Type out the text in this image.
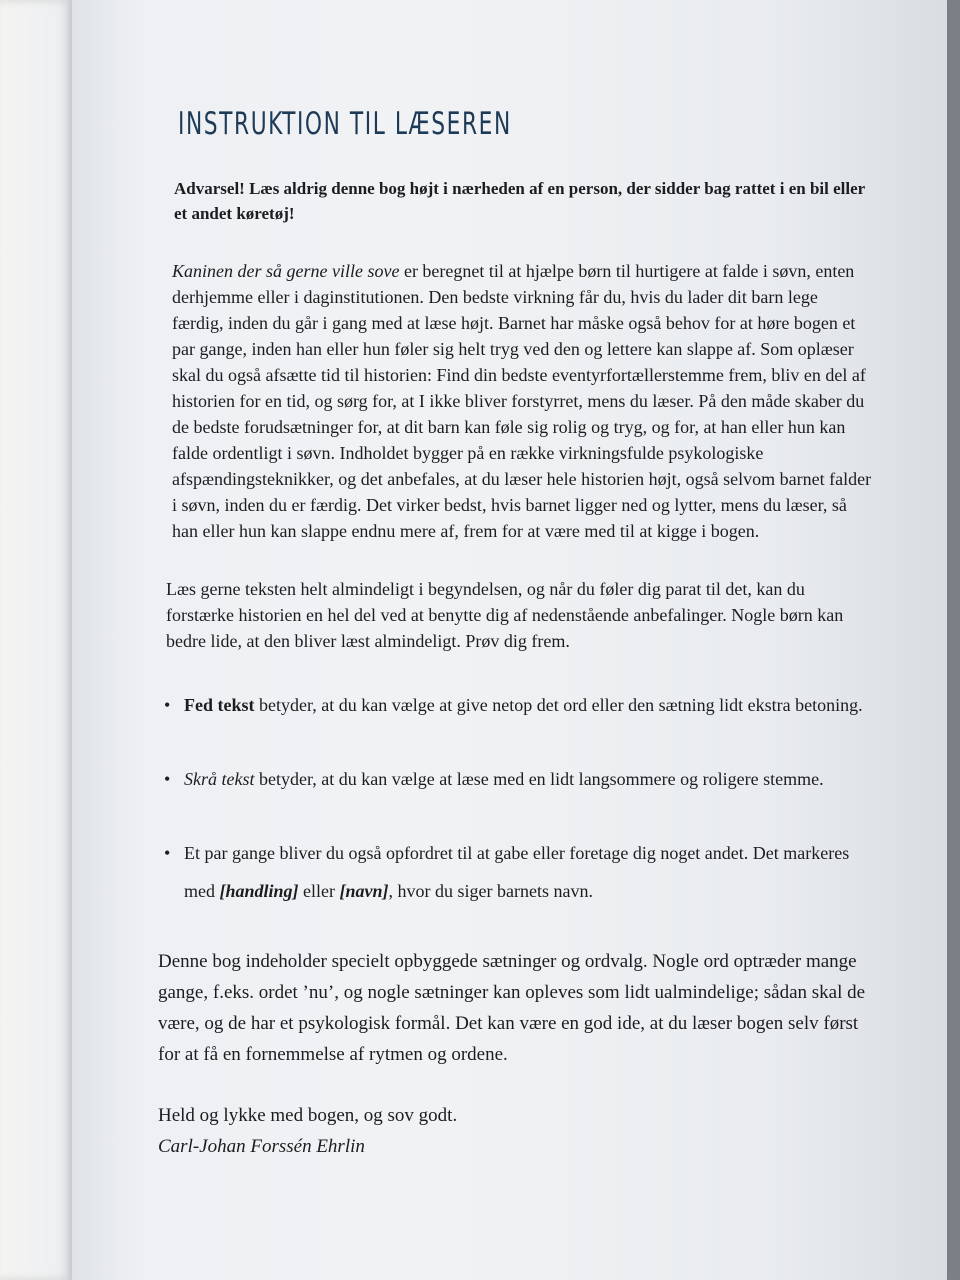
INSTRUKTION TIL LÆSEREN

Advarsel! Læs aldrig denne bog højt i nærheden af en person, der sidder bag rattet i en bil eller et andet køretøj!

Kaninen der så gerne ville sove er beregnet til at hjælpe børn til hurtigere at falde i søvn, enten derhjemme eller i daginstitutionen. Den bedste virkning får du, hvis du lader dit barn lege færdig, inden du går i gang med at læse højt. Barnet har måske også behov for at høre bogen et par gange, inden han eller hun føler sig helt tryg ved den og lettere kan slappe af. Som oplæser skal du også afsætte tid til historien: Find din bedste eventyrfortællerstemme frem, bliv en del af historien for en tid, og sørg for, at I ikke bliver forstyrret, mens du læser. På den måde skaber du de bedste forudsætninger for, at dit barn kan føle sig rolig og tryg, og for, at han eller hun kan falde ordentligt i søvn. Indholdet bygger på en række virkningsfulde psykologiske afspændingsteknikker, og det anbefales, at du læser hele historien højt, også selvom barnet falder i søvn, inden du er færdig. Det virker bedst, hvis barnet ligger ned og lytter, mens du læser, så han eller hun kan slappe endnu mere af, frem for at være med til at kigge i bogen.

Læs gerne teksten helt almindeligt i begyndelsen, og når du føler dig parat til det, kan du forstærke historien en hel del ved at benytte dig af nedenstående anbefalinger. Nogle børn kan bedre lide, at den bliver læst almindeligt. Prøv dig frem.

• Fed tekst betyder, at du kan vælge at give netop det ord eller den sætning lidt ekstra betoning.
• Skrå tekst betyder, at du kan vælge at læse med en lidt langsommere og roligere stemme.
• Et par gange bliver du også opfordret til at gabe eller foretage dig noget andet. Det markeres med [handling] eller [navn], hvor du siger barnets navn.

Denne bog indeholder specielt opbyggede sætninger og ordvalg. Nogle ord optræder mange gange, f.eks. ordet ’nu’, og nogle sætninger kan opleves som lidt ualmindelige; sådan skal de være, og de har et psykologisk formål. Det kan være en god ide, at du læser bogen selv først for at få en fornemmelse af rytmen og ordene.

Held og lykke med bogen, og sov godt.

Carl-Johan Forssén Ehrlin
